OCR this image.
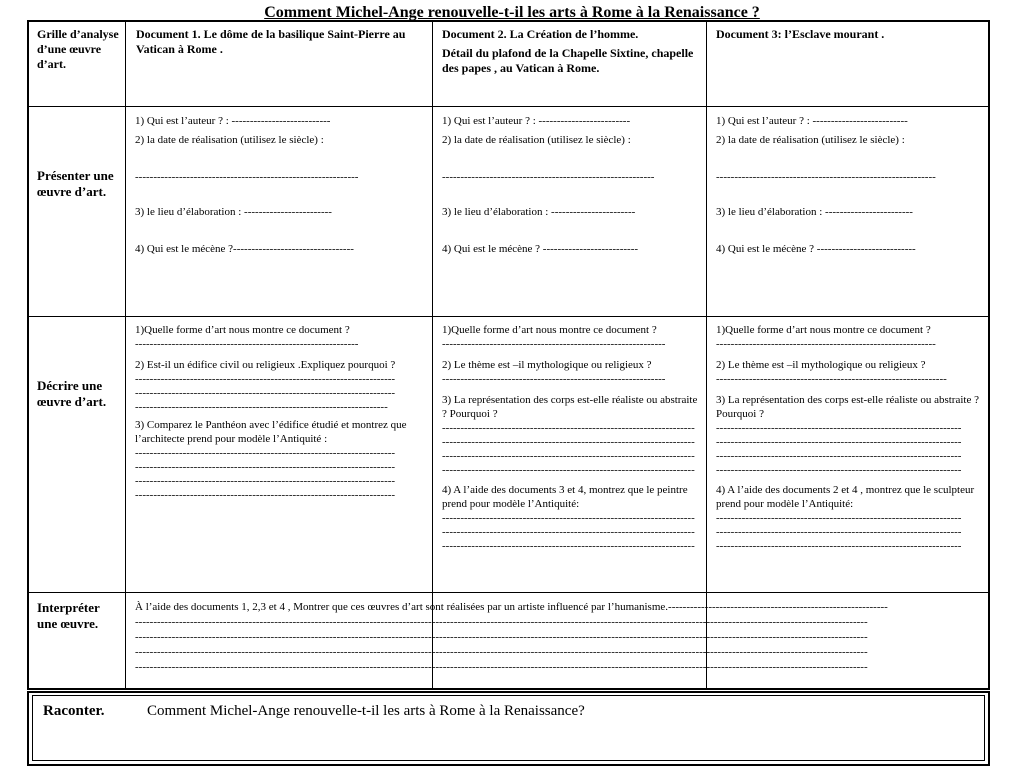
Comment Michel-Ange renouvelle-t-il les arts à Rome à la Renaissance ?
Grille d’analyse d’une œuvre d’art.
Document 1. Le dôme de la basilique Saint-Pierre au Vatican à Rome .
Document 2. La Création de l’homme.
Détail du plafond de la Chapelle Sixtine, chapelle des papes , au Vatican à Rome.
Document 3: l’Esclave mourant .
Présenter une œuvre d’art.

1) Qui est l’auteur ? : ---------------------------

2) la date de réalisation (utilisez le siècle) :

-------------------------------------------------------------

3) le lieu d’élaboration : ------------------------

4) Qui est le mécène ?---------------------------------

1) Qui est l’auteur ? : -------------------------

2) la date de réalisation (utilisez le siècle) :

----------------------------------------------------------

3) le lieu d’élaboration : -----------------------

4) Qui est le mécène ? --------------------------

1) Qui est l’auteur ? : --------------------------

2) la date de réalisation (utilisez le siècle) :

------------------------------------------------------------

3) le lieu d’élaboration : ------------------------

4) Qui est le mécène ? ---------------------------

Décrire une œuvre d’art.

1)Quelle forme d’art nous montre ce document ?

-------------------------------------------------------------

2) Est-il un édifice civil ou religieux .Expliquez pourquoi ?

-----------------------------------------------------------------------

-----------------------------------------------------------------------

---------------------------------------------------------------------

3) Comparez le Panthéon avec l’édifice étudié et montrez que l’architecte prend pour modèle l’Antiquité :

-----------------------------------------------------------------------

-----------------------------------------------------------------------

-----------------------------------------------------------------------

-----------------------------------------------------------------------

1)Quelle forme d’art nous montre ce document ?

-------------------------------------------------------------

2) Le thème est –il mythologique ou religieux ?

-------------------------------------------------------------

3) La représentation des corps est-elle réaliste ou abstraite ? Pourquoi ?

---------------------------------------------------------------------

---------------------------------------------------------------------

---------------------------------------------------------------------

---------------------------------------------------------------------

4) A l’aide des documents 3 et 4, montrez que le peintre prend pour modèle l’Antiquité:

---------------------------------------------------------------------

---------------------------------------------------------------------

---------------------------------------------------------------------

1)Quelle forme d’art nous montre ce document ?

------------------------------------------------------------

2) Le thème est –il mythologique ou religieux ?

---------------------------------------------------------------

3) La représentation des corps est-elle réaliste ou abstraite ? Pourquoi ?

-------------------------------------------------------------------

-------------------------------------------------------------------

-------------------------------------------------------------------

-------------------------------------------------------------------

4) A l’aide des documents 2 et 4 , montrez que le sculpteur prend pour modèle l’Antiquité:

-------------------------------------------------------------------

-------------------------------------------------------------------

-------------------------------------------------------------------

Interpréter une œuvre.

À l’aide des documents 1, 2,3 et 4 , Montrer que ces œuvres d’art sont réalisées par un artiste influencé par l’humanisme.------------------------------------------------------------

--------------------------------------------------------------------------------------------------------------------------------------------------------------------------------------------------------

--------------------------------------------------------------------------------------------------------------------------------------------------------------------------------------------------------

--------------------------------------------------------------------------------------------------------------------------------------------------------------------------------------------------------

--------------------------------------------------------------------------------------------------------------------------------------------------------------------------------------------------------

Raconter.	Comment Michel-Ange renouvelle-t-il les arts à Rome à la Renaissance?
